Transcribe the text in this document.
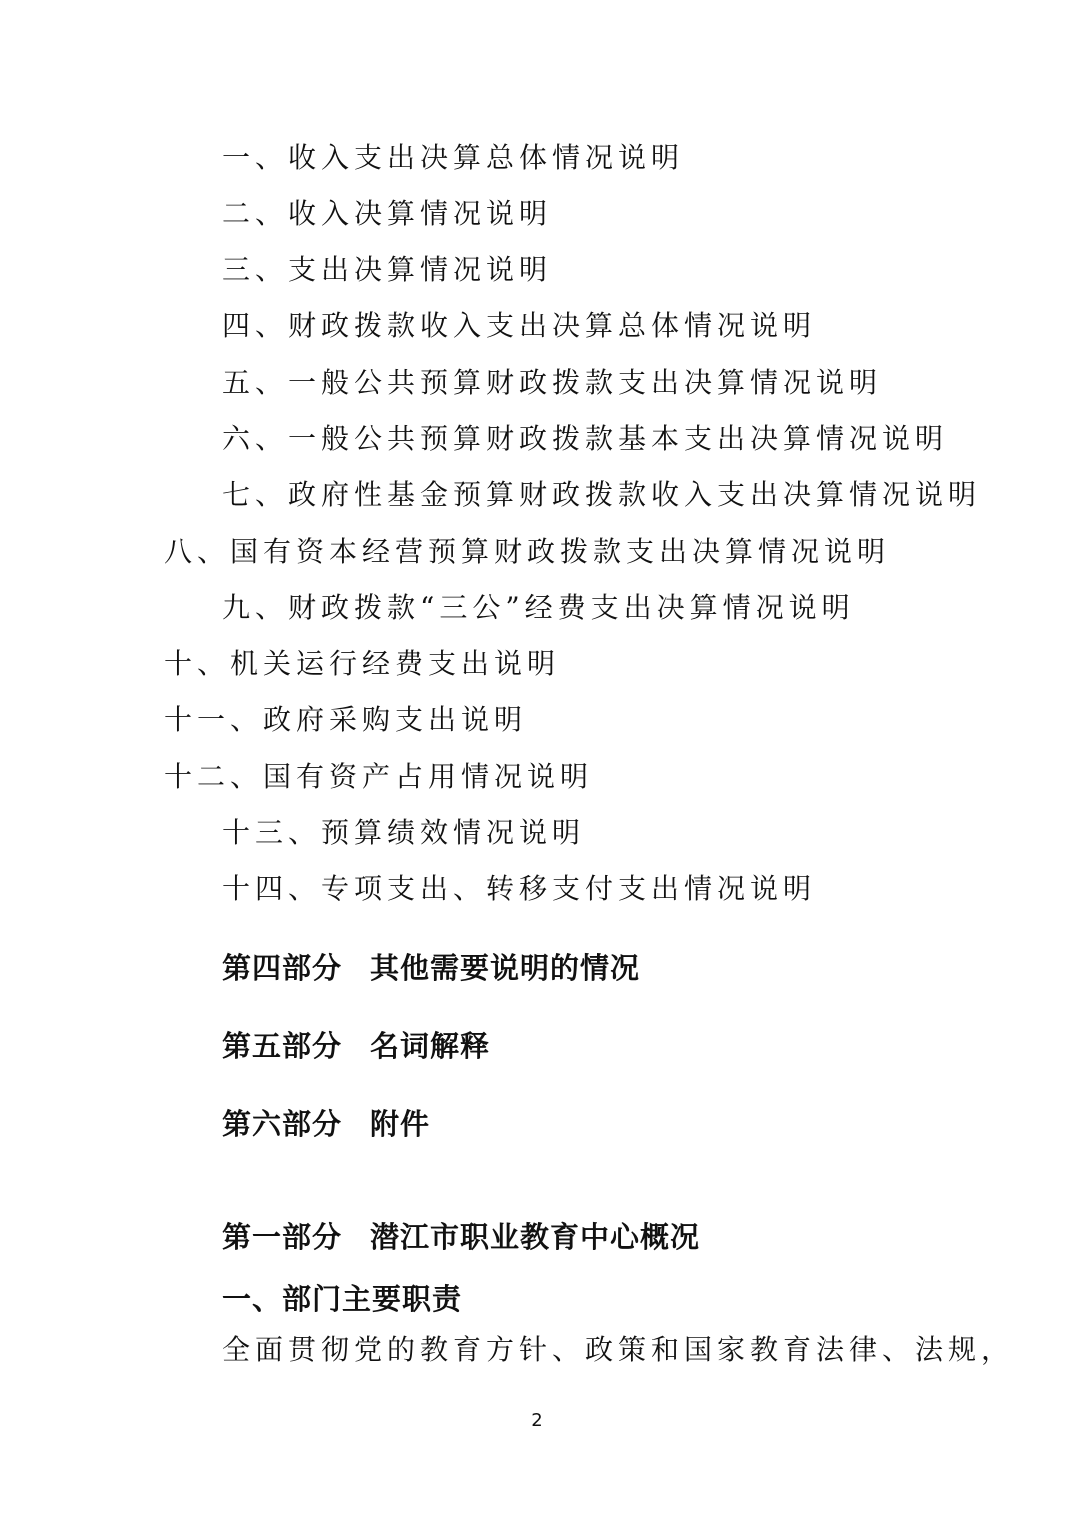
一、收入支出决算总体情况说明
二、收入决算情况说明
三、支出决算情况说明
四、财政拨款收入支出决算总体情况说明
五、一般公共预算财政拨款支出决算情况说明
六、一般公共预算财政拨款基本支出决算情况说明
七、政府性基金预算财政拨款收入支出决算情况说明
八、国有资本经营预算财政拨款支出决算情况说明
九、财政拨款“三公”经费支出决算情况说明
十、机关运行经费支出说明
十一、政府采购支出说明
十二、国有资产占用情况说明
十三、预算绩效情况说明
十四、专项支出、转移支付支出情况说明
第四部分 其他需要说明的情况
第五部分 名词解释
第六部分 附件
第一部分 潜江市职业教育中心概况
一、部门主要职责
全面贯彻党的教育方针、政策和国家教育法律、法规，
2
